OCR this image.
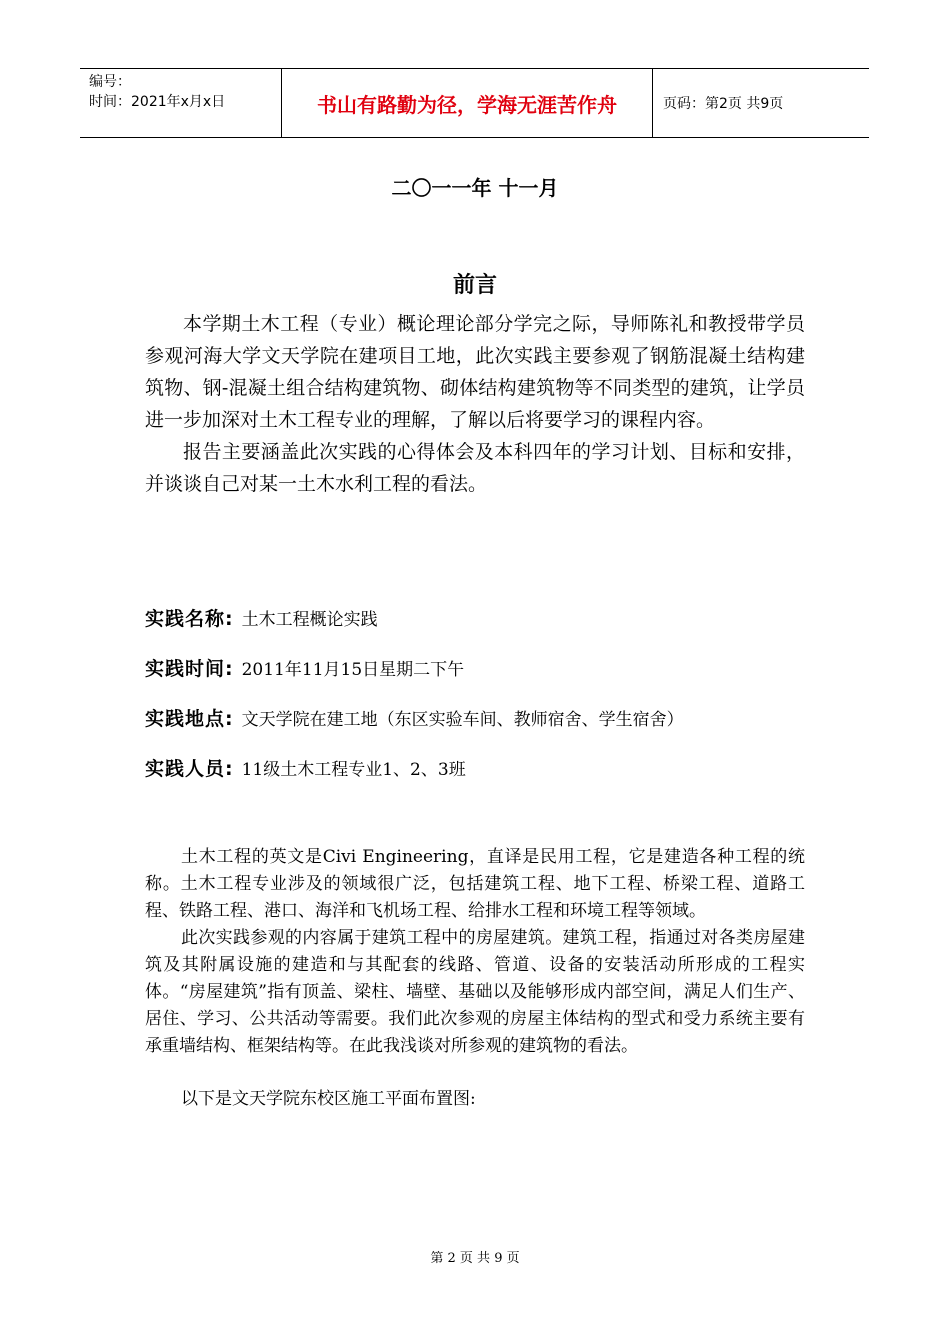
编号：
时间：2021年x月x日	书山有路勤为径，学海无涯苦作舟	页码：第2页 共9页
二〇一一年 十一月
前言

本学期土木工程（专业）概论理论部分学完之际，导师陈礼和教授带学员参观河海大学文天学院在建项目工地，此次实践主要参观了钢筋混凝土结构建筑物、钢-混凝土组合结构建筑物、砌体结构建筑物等不同类型的建筑，让学员进一步加深对土木工程专业的理解，了解以后将要学习的课程内容。

报告主要涵盖此次实践的心得体会及本科四年的学习计划、目标和安排，并谈谈自己对某一土木水利工程的看法。

实践名称: 土木工程概论实践
实践时间: 2011年11月15日星期二下午
实践地点: 文天学院在建工地（东区实验车间、教师宿舍、学生宿舍）
实践人员: 11级土木工程专业1、2、3班

土木工程的英文是Civi Engineering，直译是民用工程，它是建造各种工程的统称。土木工程专业涉及的领域很广泛，包括建筑工程、地下工程、桥梁工程、道路工程、铁路工程、港口、海洋和飞机场工程、给排水工程和环境工程等领域。

此次实践参观的内容属于建筑工程中的房屋建筑。建筑工程，指通过对各类房屋建筑及其附属设施的建造和与其配套的线路、管道、设备的安装活动所形成的工程实体。“房屋建筑”指有顶盖、梁柱、墙壁、基础以及能够形成内部空间，满足人们生产、居住、学习、公共活动等需要。我们此次参观的房屋主体结构的型式和受力系统主要有承重墙结构、框架结构等。在此我浅谈对所参观的建筑物的看法。

以下是文天学院东校区施工平面布置图:

第 2 页 共 9 页
